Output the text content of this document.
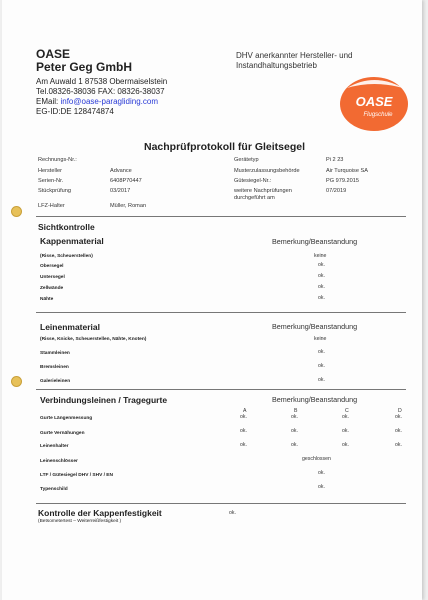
OASE
Peter Geg GmbH
Am Auwald 1 87538 Obermaiselstein
Tel.08326-38036 FAX: 08326-38037
EMail: info@oase-paragliding.com
EG-ID:DE 128474874
DHV anerkannter Hersteller- und
Instandhaltungsbetrieb
OASE
Flugschule
Nachprüfprotokoll für Gleitsegel
Rechnungs-Nr.:
Hersteller	Advance
Serien-Nr.	6408P70447
Stückprüfung	03/2017
LFZ-Halter	Müller, Roman
Gerätetyp	Pi 2 23
Musterzulassungsbehörde	Air Turquoise SA
Gütesiegel-Nr.:	PG 979.2015
weitere Nachprüfungen
durchgeführt am
07/2019
Sichtkontrolle
Kappenmaterial	Bemerkung/Beanstandung
(Risse, Scheuerstellen)	keine
Obersegel	ok.
Untersegel	ok.
Zellwände	ok.
Nähte	ok.
Leinenmaterial	Bemerkung/Beanstandung
(Risse, Knicke, Scheuerstellen, Nähte, Knoten)	keine
Stammleinen	ok.
Bremsleinen	ok.
Galerieleinen	ok.
Verbindungsleinen / Tragegurte	Bemerkung/Beanstandung
A	B	C	D
Gurte Längenmessung	ok.	ok.	ok.	ok.
Gurte Vernähungen	ok.	ok.	ok.	ok.
Leinenhalter	ok.	ok.	ok.	ok.
Leinenschlösser	geschlossen
LTF / Gütesiegel DHV / SHV / EN	ok.
Typenschild	ok.
Kontrolle der Kappenfestigkeit	ok.
(Betsometertest – Weiterreißfestigkeit )
